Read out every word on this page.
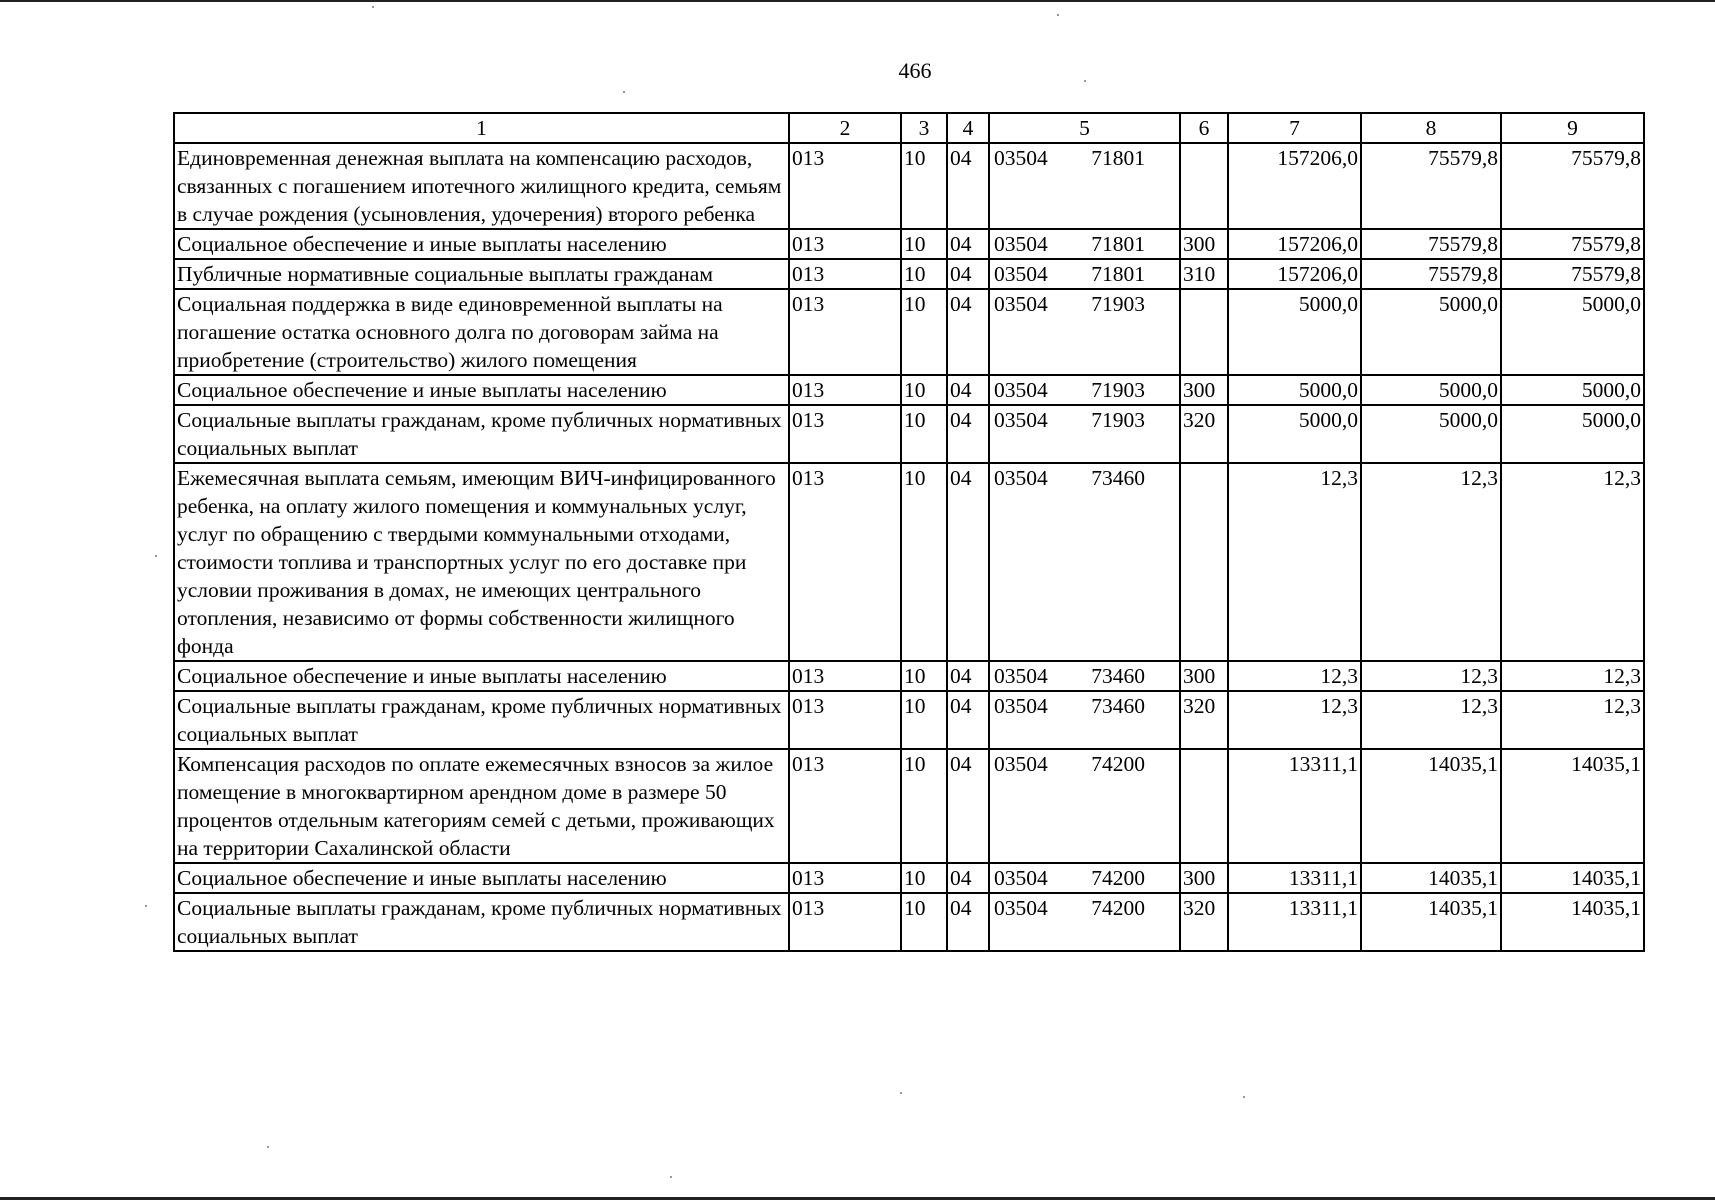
466
1	2	3	4	5	6	7	8	9
Единовременная денежная выплата на компенсацию расходов, связанных с погашением ипотечного жилищного кредита, семьям в случае рождения (усыновления, удочерения) второго ребенка	013	10	04	03504 71801		157206,0	75579,8	75579,8
Социальное обеспечение и иные выплаты населению	013	10	04	03504 71801	300	157206,0	75579,8	75579,8
Публичные нормативные социальные выплаты гражданам	013	10	04	03504 71801	310	157206,0	75579,8	75579,8
Социальная поддержка в виде единовременной выплаты на погашение остатка основного долга по договорам займа на приобретение (строительство) жилого помещения	013	10	04	03504 71903		5000,0	5000,0	5000,0
Социальное обеспечение и иные выплаты населению	013	10	04	03504 71903	300	5000,0	5000,0	5000,0
Социальные выплаты гражданам, кроме публичных нормативных социальных выплат	013	10	04	03504 71903	320	5000,0	5000,0	5000,0
Ежемесячная выплата семьям, имеющим ВИЧ-инфицированного ребенка, на оплату жилого помещения и коммунальных услуг, услуг по обращению с твердыми коммунальными отходами, стоимости топлива и транспортных услуг по его доставке при условии проживания в домах, не имеющих центрального отопления, независимо от формы собственности жилищного фонда	013	10	04	03504 73460		12,3	12,3	12,3
Социальное обеспечение и иные выплаты населению	013	10	04	03504 73460	300	12,3	12,3	12,3
Социальные выплаты гражданам, кроме публичных нормативных социальных выплат	013	10	04	03504 73460	320	12,3	12,3	12,3
Компенсация расходов по оплате ежемесячных взносов за жилое помещение в многоквартирном арендном доме в размере 50 процентов отдельным категориям семей с детьми, проживающих на территории Сахалинской области	013	10	04	03504 74200		13311,1	14035,1	14035,1
Социальное обеспечение и иные выплаты населению	013	10	04	03504 74200	300	13311,1	14035,1	14035,1
Социальные выплаты гражданам, кроме публичных нормативных социальных выплат	013	10	04	03504 74200	320	13311,1	14035,1	14035,1
